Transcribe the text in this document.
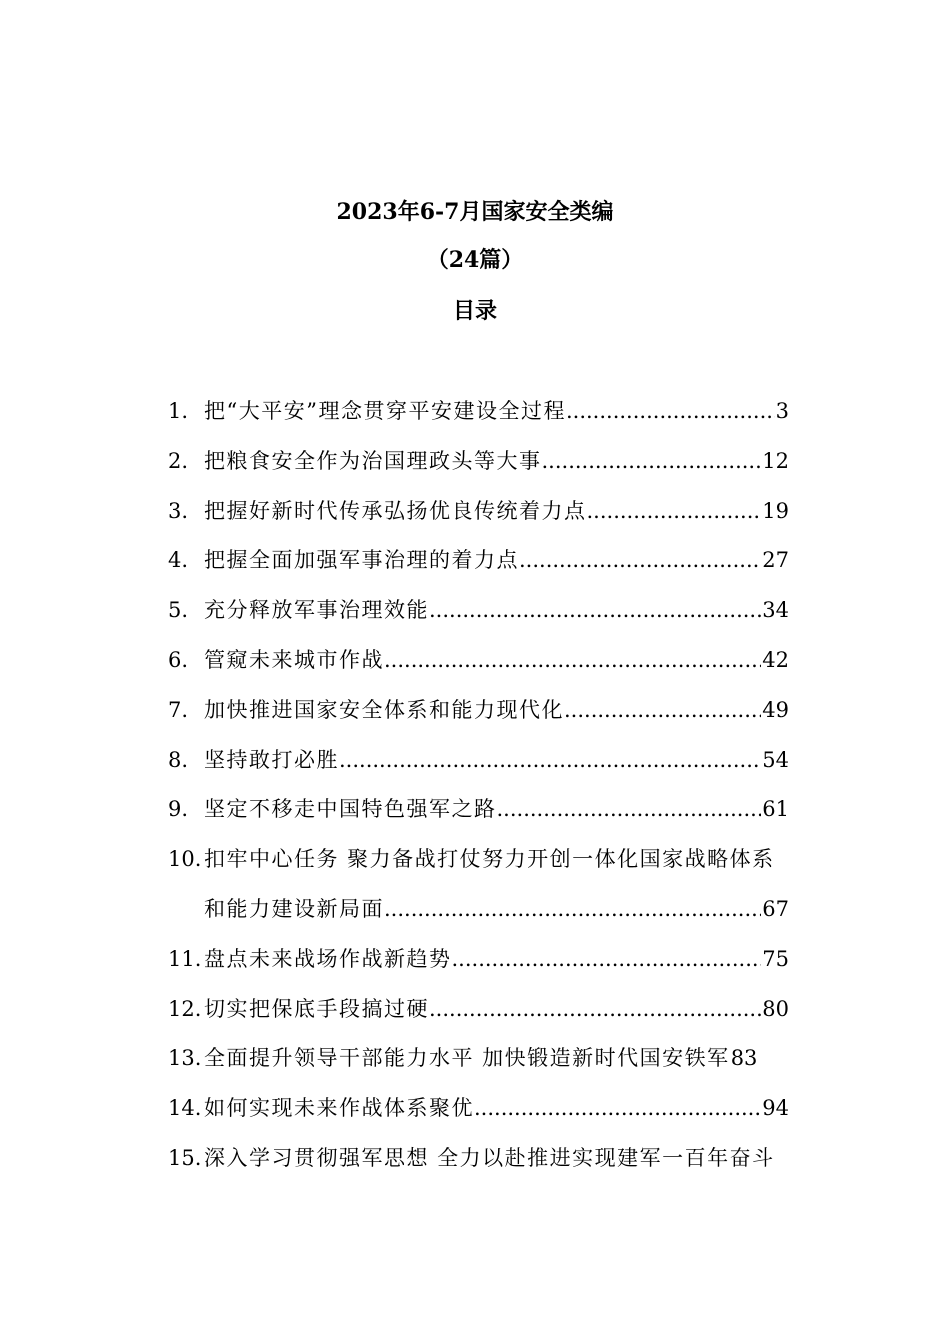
2023年6-7月国家安全类编
（24篇）
目录
1. 把“大平安”理念贯穿平安建设全过程 .....	3
2. 把粮食安全作为治国理政头等大事 .....	12
3. 把握好新时代传承弘扬优良传统着力点 .....	19
4. 把握全面加强军事治理的着力点 .....	27
5. 充分释放军事治理效能 .....	34
6. 管窥未来城市作战 .....	42
7. 加快推进国家安全体系和能力现代化 .....	49
8. 坚持敢打必胜 .....	54
9. 坚定不移走中国特色强军之路 .....	61
10. 扣牢中心任务 聚力备战打仗努力开创一体化国家战略体系
和能力建设新局面 .....	67
11. 盘点未来战场作战新趋势 .....	75
12. 切实把保底手段搞过硬 .....	80
13. 全面提升领导干部能力水平 加快锻造新时代国安铁军 83
14. 如何实现未来作战体系聚优 .....	94
15. 深入学习贯彻强军思想 全力以赴推进实现建军一百年奋斗
